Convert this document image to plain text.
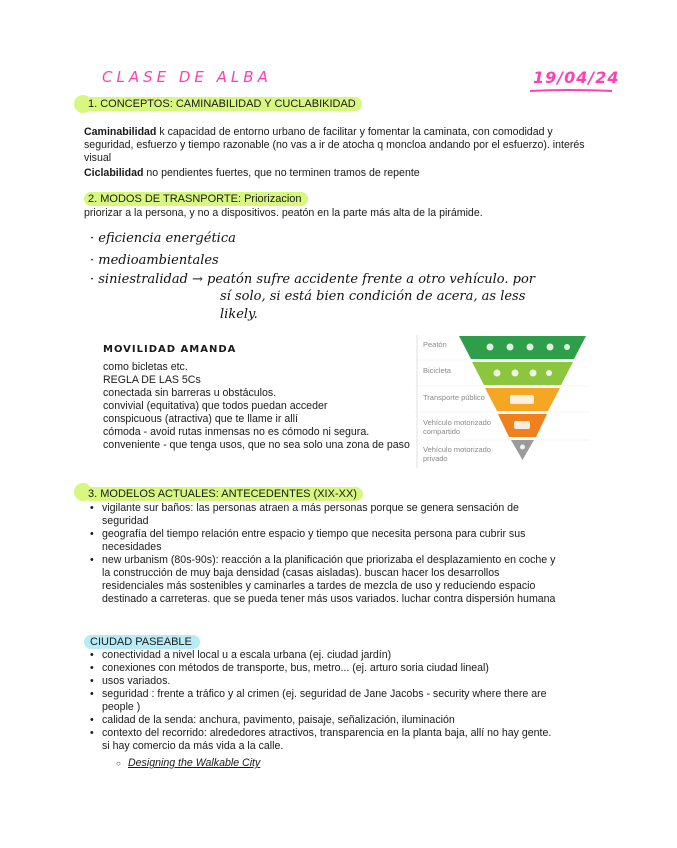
CLASE DE ALBA	19/04/24
1. CONCEPTOS: CAMINABILIDAD Y CUCLABIKIDAD
Caminabilidad k capacidad de entorno urbano de facilitar y fomentar la caminata, con comodidad y seguridad, esfuerzo y tiempo razonable (no vas a ir de atocha q moncloa andando por el esfuerzo). interés visual
Ciclabilidad no pendientes fuertes, que no terminen tramos de repente
2. MODOS DE TRASNPORTE: Priorizacion
priorizar a la persona, y no a dispositivos. peatón en la parte más alta de la pirámide.
· eficiencia energética
· medioambientales
· siniestralidad → peatón sufre accidente frente a otro vehículo. por
sí solo, si está bien condición de acera, as less
likely.
MOVILIDAD AMANDA
como bicletas etc.
REGLA DE LAS 5Cs
conectada sin barreras u obstáculos.
convivial (equitativa) que todos puedan acceder
conspicuous (atractiva) que te llame ir allí
cómoda - avoid rutas inmensas no es cómodo ni segura.
conveniente - que tenga usos, que no sea solo una zona de paso
Peatón
Bicicleta
Transporte público
Vehículo motorizado compartido
Vehículo motorizado privado
3. MODELOS ACTUALES: ANTECEDENTES (XIX-XX)
• vigilante sur baños: las personas atraen a más personas porque se genera sensación de seguridad
• geografía del tiempo relación entre espacio y tiempo que necesita persona para cubrir sus necesidades
• new urbanism (80s-90s): reacción a la planificación que priorizaba el desplazamiento en coche y la construcción de muy baja densidad (casas aisladas). buscan hacer los desarrollos residenciales más sostenibles y caminarles a tardes de mezcla de uso y reduciendo espacio destinado a carreteras. que se pueda tener más usos variados. luchar contra dispersión humana
CIUDAD PASEABLE
• conectividad a nivel local u a escala urbana (ej. ciudad jardín)
• conexiones con métodos de transporte, bus, metro... (ej. arturo soria ciudad lineal)
• usos variados.
• seguridad : frente a tráfico y al crimen (ej. seguridad de Jane Jacobs - security where there are people )
• calidad de la senda: anchura, pavimento, paisaje, señalización, iluminación
• contexto del recorrido: alrededores atractivos, transparencia en la planta baja, allí no hay gente. si hay comercio da más vida a la calle.
○ Designing the Walkable City
